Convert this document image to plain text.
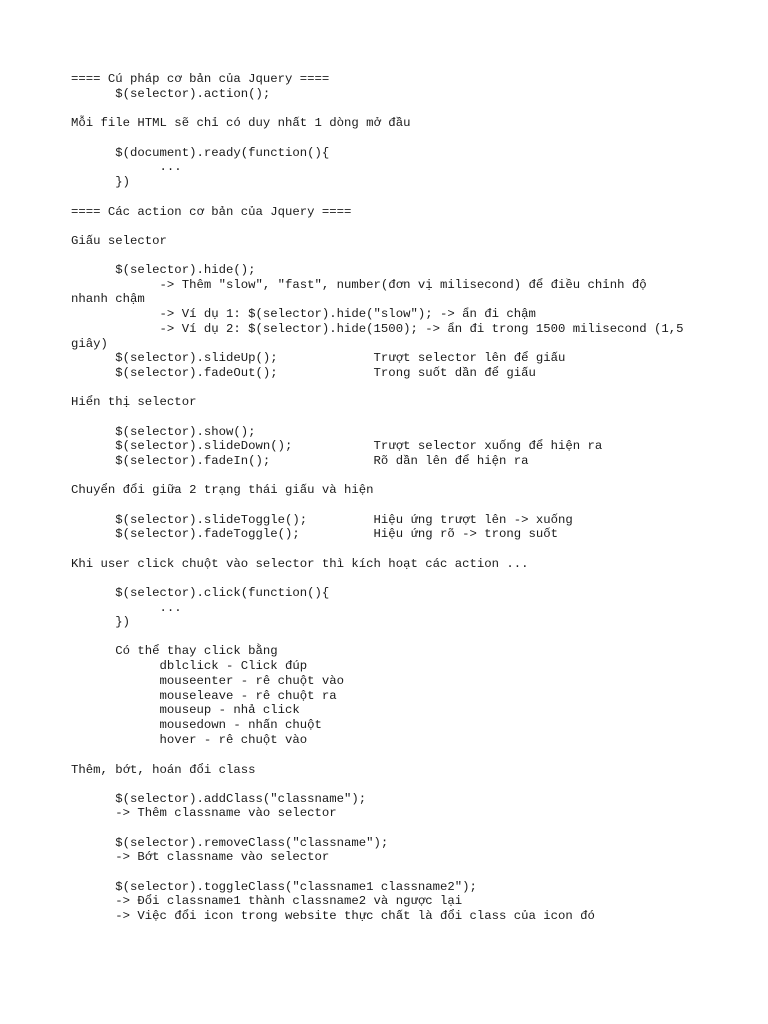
==== Cú pháp cơ bản của Jquery ====
$(selector).action();
Mỗi file HTML sẽ chỉ có duy nhất 1 dòng mở đầu
$(document).ready(function(){
...
})
==== Các action cơ bản của Jquery ====
Giấu selector
$(selector).hide();
-> Thêm "slow", "fast", number(đơn vị milisecond) để điều chỉnh độ
nhanh chậm
-> Ví dụ 1: $(selector).hide("slow"); -> ẩn đi chậm
-> Ví dụ 2: $(selector).hide(1500); -> ẩn đi trong 1500 milisecond (1,5
giây)
$(selector).slideUp();             Trượt selector lên để giấu
$(selector).fadeOut();             Trong suốt dần để giấu
Hiển thị selector
$(selector).show();
$(selector).slideDown();           Trượt selector xuống để hiện ra
$(selector).fadeIn();              Rõ dần lên để hiện ra
Chuyển đổi giữa 2 trạng thái giấu và hiện
$(selector).slideToggle();         Hiệu ứng trượt lên -> xuống
$(selector).fadeToggle();          Hiệu ứng rõ -> trong suốt
Khi user click chuột vào selector thì kích hoạt các action ...
$(selector).click(function(){
...
})
Có thể thay click bằng
dblclick - Click đúp
mouseenter - rê chuột vào
mouseleave - rê chuột ra
mouseup - nhả click
mousedown - nhấn chuột
hover - rê chuột vào
Thêm, bớt, hoán đổi class
$(selector).addClass("classname");
-> Thêm classname vào selector
$(selector).removeClass("classname");
-> Bớt classname vào selector
$(selector).toggleClass("classname1 classname2");
-> Đổi classname1 thành classname2 và ngược lại
-> Việc đổi icon trong website thực chất là đổi class của icon đó
